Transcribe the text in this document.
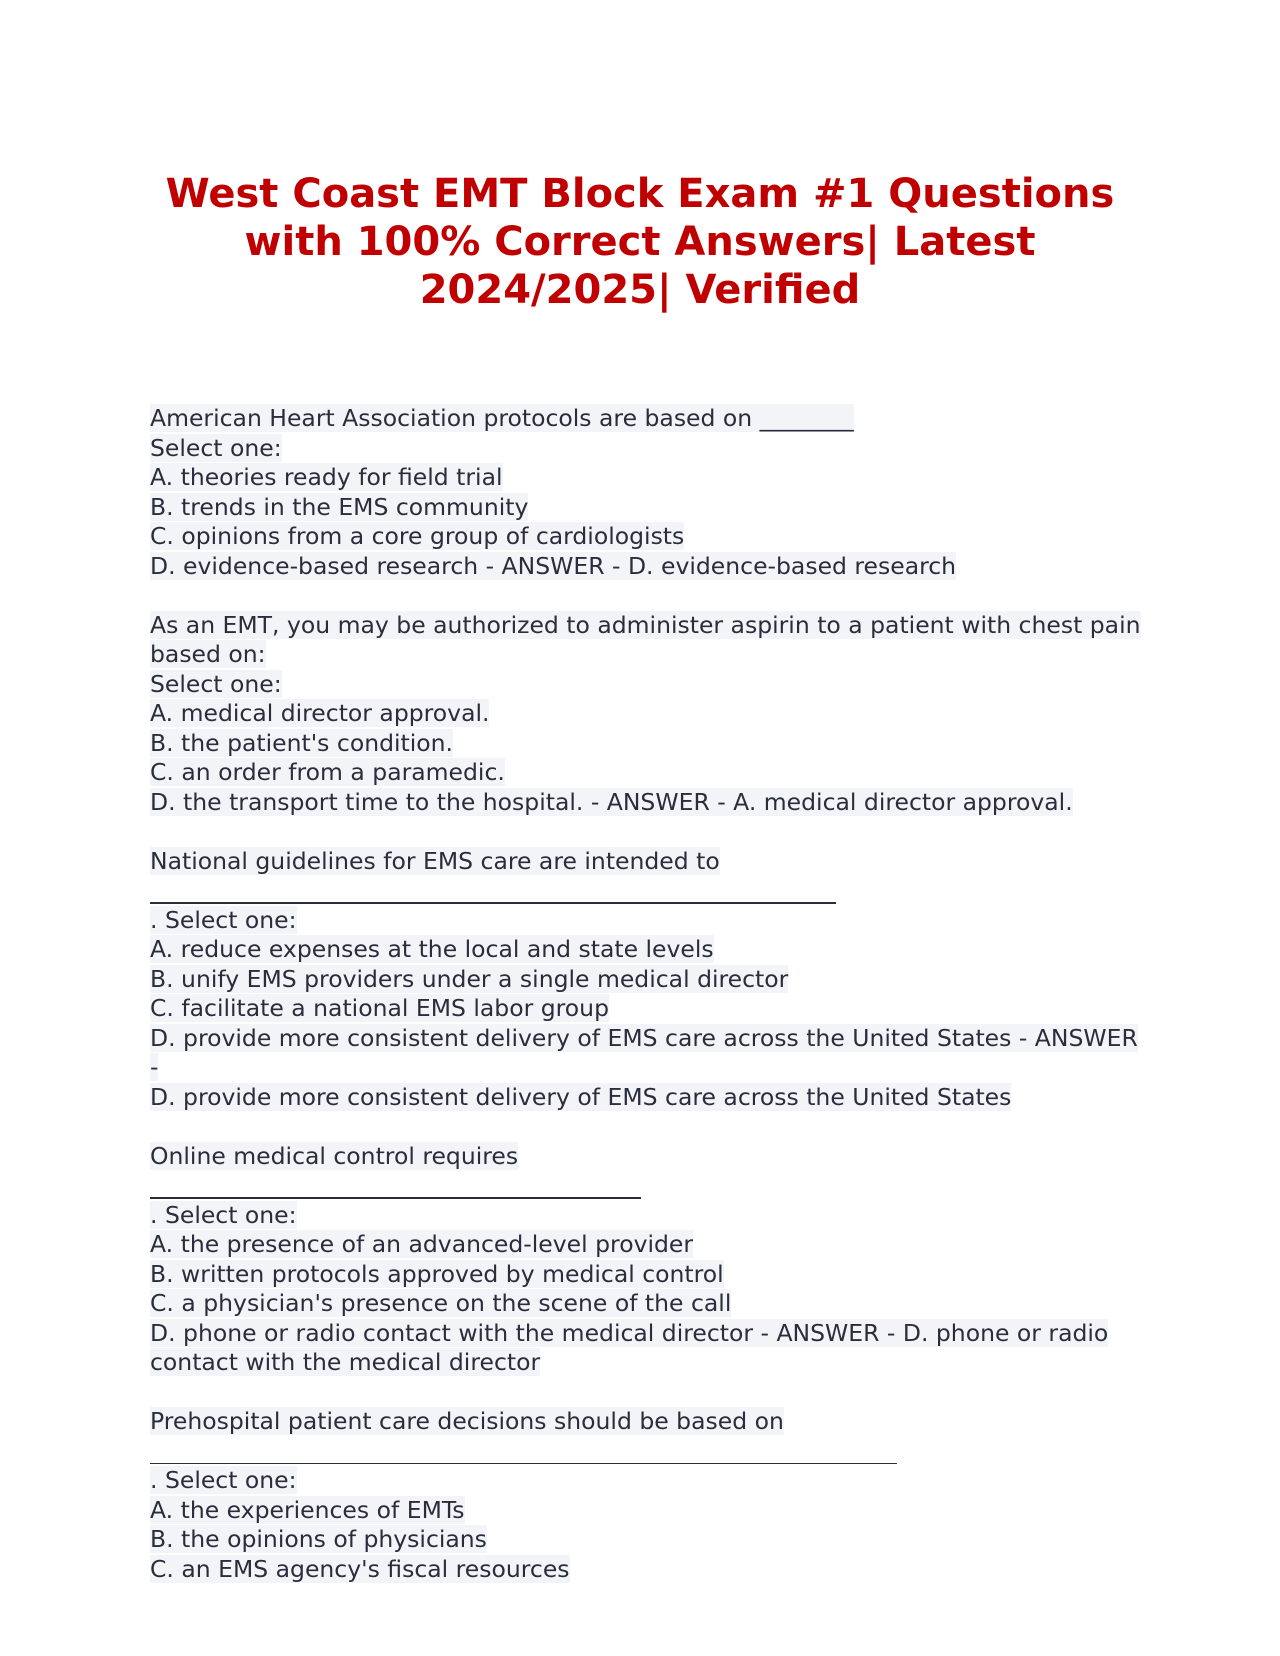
West Coast EMT Block Exam #1 Questions with 100% Correct Answers| Latest 2024/2025| Verified
American Heart Association protocols are based on ________
Select one:
A. theories ready for field trial
B. trends in the EMS community
C. opinions from a core group of cardiologists
D. evidence-based research - ANSWER - D. evidence-based research
As an EMT, you may be authorized to administer aspirin to a patient with chest pain based on:
Select one:
A. medical director approval.
B. the patient's condition.
C. an order from a paramedic.
D. the transport time to the hospital. - ANSWER - A. medical director approval.
National guidelines for EMS care are intended to
. Select one:
A. reduce expenses at the local and state levels
B. unify EMS providers under a single medical director
C. facilitate a national EMS labor group
D. provide more consistent delivery of EMS care across the United States - ANSWER -
D. provide more consistent delivery of EMS care across the United States
Online medical control requires
. Select one:
A. the presence of an advanced-level provider
B. written protocols approved by medical control
C. a physician's presence on the scene of the call
D. phone or radio contact with the medical director - ANSWER - D. phone or radio contact with the medical director
Prehospital patient care decisions should be based on
. Select one:
A. the experiences of EMTs
B. the opinions of physicians
C. an EMS agency's fiscal resources
